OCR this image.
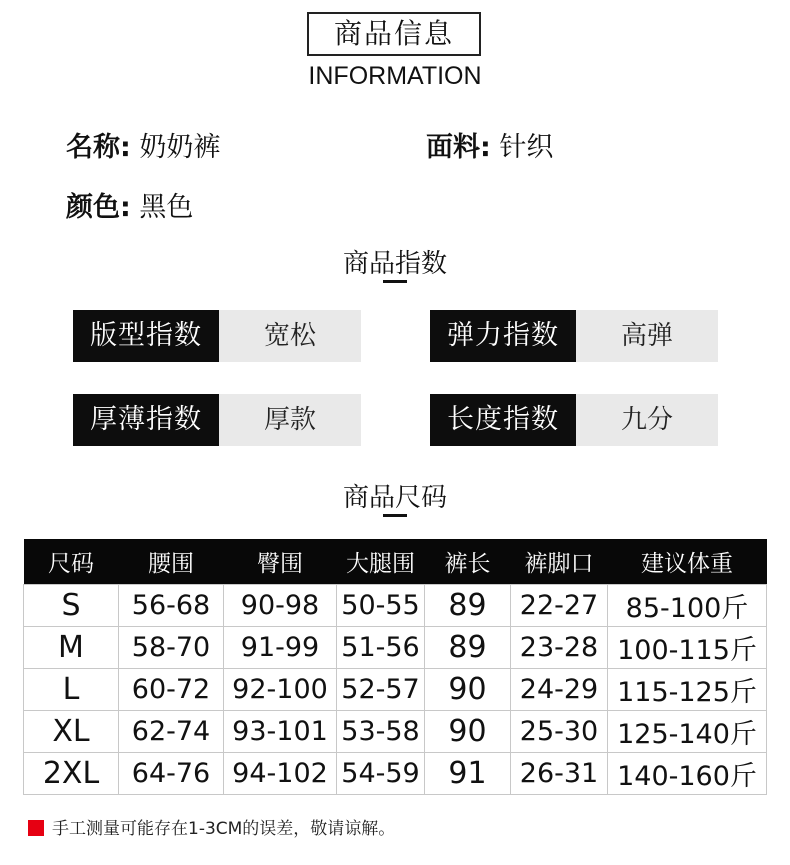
商品信息
INFORMATION
名称: 奶奶裤	面料: 针织
颜色: 黑色
商品指数
版型指数	宽松	弹力指数	高弹
厚薄指数	厚款	长度指数	九分
商品尺码
尺码	腰围	臀围	大腿围	裤长	裤脚口	建议体重
S	56-68	90-98	50-55	89	22-27	85-100斤
M	58-70	91-99	51-56	89	23-28	100-115斤
L	60-72	92-100	52-57	90	24-29	115-125斤
XL	62-74	93-101	53-58	90	25-30	125-140斤
2XL	64-76	94-102	54-59	91	26-31	140-160斤
手工测量可能存在1-3CM的误差，敬请谅解。
